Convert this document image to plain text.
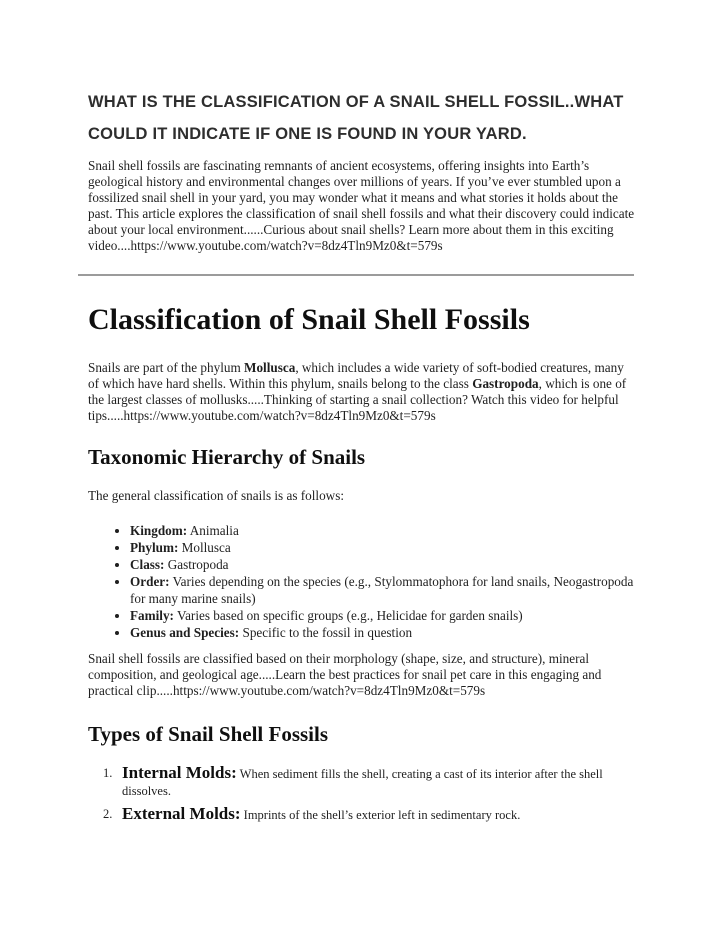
WHAT IS THE CLASSIFICATION OF A SNAIL SHELL FOSSIL..WHAT
COULD IT INDICATE IF ONE IS FOUND IN YOUR YARD.

Snail shell fossils are fascinating remnants of ancient ecosystems, offering insights into Earth’s geological history and environmental changes over millions of years. If you’ve ever stumbled upon a fossilized snail shell in your yard, you may wonder what it means and what stories it holds about the past. This article explores the classification of snail shell fossils and what their discovery could indicate about your local environment......Curious about snail shells? Learn more about them in this exciting video....https://www.youtube.com/watch?v=8dz4Tln9Mz0&t=579s

Classification of Snail Shell Fossils

Snails are part of the phylum Mollusca, which includes a wide variety of soft-bodied creatures, many of which have hard shells. Within this phylum, snails belong to the class Gastropoda, which is one of the largest classes of mollusks.....Thinking of starting a snail collection? Watch this video for helpful tips.....https://www.youtube.com/watch?v=8dz4Tln9Mz0&t=579s

Taxonomic Hierarchy of Snails

The general classification of snails is as follows:

• Kingdom: Animalia
• Phylum: Mollusca
• Class: Gastropoda
• Order: Varies depending on the species (e.g., Stylommatophora for land snails, Neogastropoda for many marine snails)
• Family: Varies based on specific groups (e.g., Helicidae for garden snails)
• Genus and Species: Specific to the fossil in question

Snail shell fossils are classified based on their morphology (shape, size, and structure), mineral composition, and geological age.....Learn the best practices for snail pet care in this engaging and practical clip.....https://www.youtube.com/watch?v=8dz4Tln9Mz0&t=579s

Types of Snail Shell Fossils
1. Internal Molds: When sediment fills the shell, creating a cast of its interior after the shell dissolves.
2. External Molds: Imprints of the shell’s exterior left in sedimentary rock.
